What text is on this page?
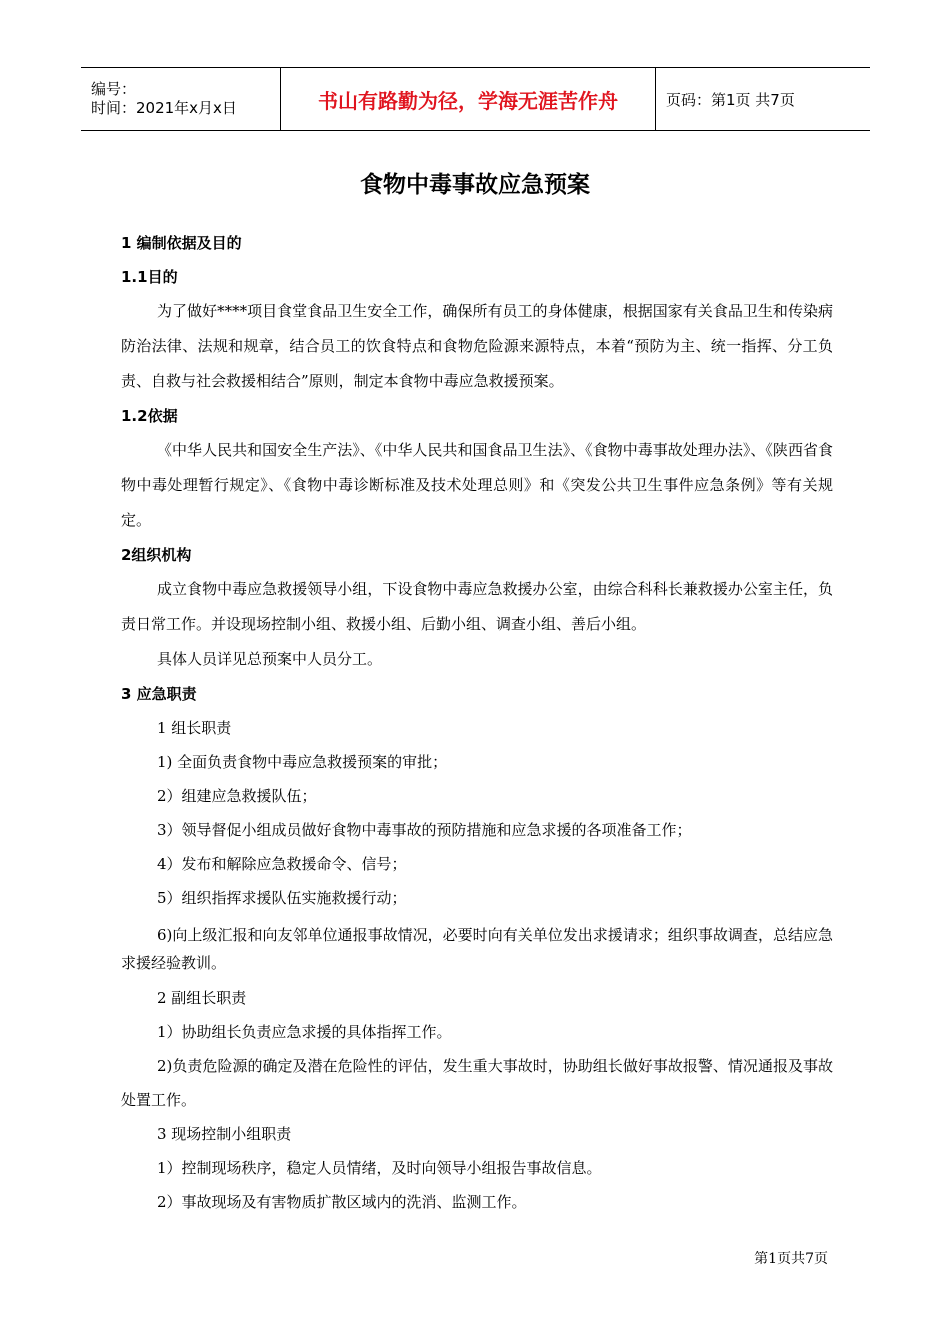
编号：
时间：2021年x月x日	书山有路勤为径，学海无涯苦作舟	页码：第1页 共7页
食物中毒事故应急预案
1 编制依据及目的
1.1目的
为了做好****项目食堂食品卫生安全工作，确保所有员工的身体健康，根据国家有关食品卫生和传染病防治法律、法规和规章，结合员工的饮食特点和食物危险源来源特点，本着“预防为主、统一指挥、分工负责、自救与社会救援相结合”原则，制定本食物中毒应急救援预案。
1.2依据
《中华人民共和国安全生产法》、《中华人民共和国食品卫生法》、《食物中毒事故处理办法》、《陕西省食物中毒处理暂行规定》、《食物中毒诊断标准及技术处理总则》和《突发公共卫生事件应急条例》等有关规定。
2组织机构
成立食物中毒应急救援领导小组，下设食物中毒应急救援办公室，由综合科科长兼救援办公室主任，负责日常工作。并设现场控制小组、救援小组、后勤小组、调查小组、善后小组。
具体人员详见总预案中人员分工。
3 应急职责
1 组长职责
1) 全面负责食物中毒应急救援预案的审批；
2）组建应急救援队伍；
3）领导督促小组成员做好食物中毒事故的预防措施和应急求援的各项准备工作；
4）发布和解除应急救援命令、信号；
5）组织指挥求援队伍实施救援行动；
6)向上级汇报和向友邻单位通报事故情况，必要时向有关单位发出求援请求；组织事故调查，总结应急求援经验教训。
2 副组长职责
1）协助组长负责应急求援的具体指挥工作。
2)负责危险源的确定及潜在危险性的评估，发生重大事故时，协助组长做好事故报警、情况通报及事故处置工作。
3 现场控制小组职责
1）控制现场秩序，稳定人员情绪，及时向领导小组报告事故信息。
2）事故现场及有害物质扩散区域内的洗消、监测工作。
第1页共7页
